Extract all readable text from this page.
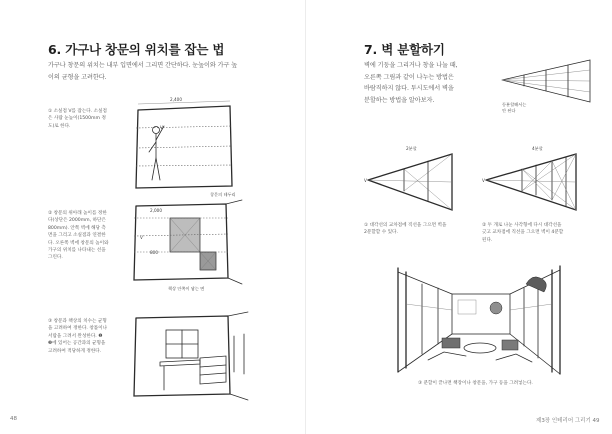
6. 가구나 창문의 위치를 잡는 법
가구나 창문의 위치는 내부 입면에서 그리면 간단하다. 눈높이와 가구 높
이의 균형을 고려한다.
① 소실점 V를 잡는다. 소실점
은 사람 눈높이(1500mm 정
도)로 한다.
2,400
V
② 창문의 위아래 높이를 정한
다(상단은 2000mm, 하단은
800mm). 안쪽 벽에 해당 측
면을 그리고 소실점과 연결한
다. 오른쪽 벽에 창문의 높이와
가구의 위치를 나타내는 선을
그린다.
창문의 테두리
2,000
800
V
책상 안쪽이 닿는 면
③ 창문과 책상의 치수는 균형
을 고려하여 정한다. 창틀이나
서랍을 그려서 완성한다. ❶
❷에 있어는 공간과의 균형을
고려하여 적당하게 정한다.
48
7. 벽 분할하기
벽에 기둥을 그리거나 창을 나눌 때,
오른쪽 그림과 같이 나누는 방법은
바람직하지 않다. 투시도에서 벽을
분할하는 방법을 알아보자.
등분할해서는
안 된다
2분할
V
4분할
V
① 대각선의 교차점에 직선을 그으면 벽을
2분할할 수 있다.
② 두 개로 나눈 사각형에 다시 대각선을
긋고 교차점에 직선을 그으면 벽이 4분할
된다.
③ 분할이 끝나면 책장이나 창문을, 가구 등을 그려넣는다.
제3장 인테리어 그리기 49
